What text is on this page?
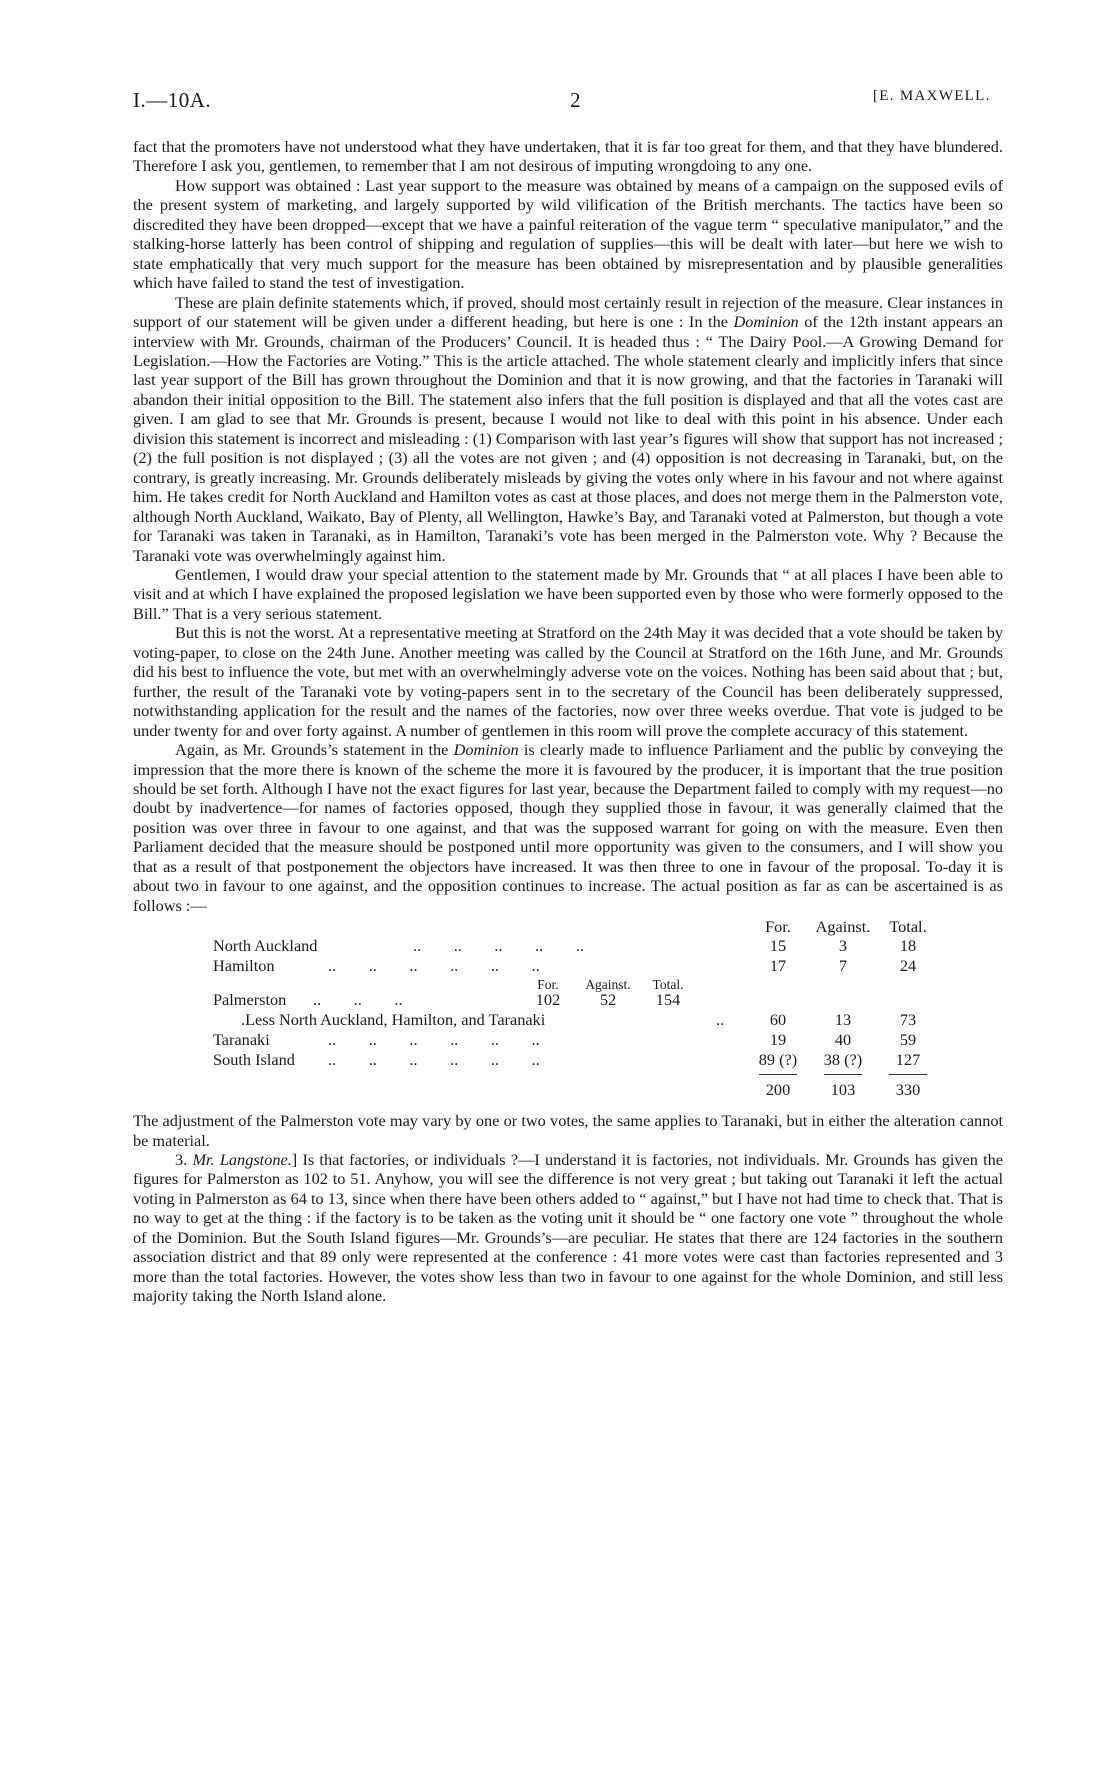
I.—10A.	2	[E. MAXWELL.

fact that the promoters have not understood what they have undertaken, that it is far too great for them, and that they have blundered. Therefore I ask you, gentlemen, to remember that I am not desirous of imputing wrongdoing to any one.

How support was obtained : Last year support to the measure was obtained by means of a campaign on the supposed evils of the present system of marketing, and largely supported by wild vilification of the British merchants. The tactics have been so discredited they have been dropped—except that we have a painful reiteration of the vague term “ speculative manipulator,” and the stalking-horse latterly has been control of shipping and regulation of supplies—this will be dealt with later—but here we wish to state emphatically that very much support for the measure has been obtained by misrepresentation and by plausible generalities which have failed to stand the test of investigation.

These are plain definite statements which, if proved, should most certainly result in rejection of the measure. Clear instances in support of our statement will be given under a different heading, but here is one : In the Dominion of the 12th instant appears an interview with Mr. Grounds, chairman of the Producers’ Council. It is headed thus : “ The Dairy Pool.—A Growing Demand for Legislation.—How the Factories are Voting.” This is the article attached. The whole statement clearly and implicitly infers that since last year support of the Bill has grown throughout the Dominion and that it is now growing, and that the factories in Taranaki will abandon their initial opposition to the Bill. The statement also infers that the full position is displayed and that all the votes cast are given. I am glad to see that Mr. Grounds is present, because I would not like to deal with this point in his absence. Under each division this statement is incorrect and misleading : (1) Comparison with last year’s figures will show that support has not increased ; (2) the full position is not displayed ; (3) all the votes are not given ; and (4) opposition is not decreasing in Taranaki, but, on the contrary, is greatly increasing. Mr. Grounds deliberately misleads by giving the votes only where in his favour and not where against him. He takes credit for North Auckland and Hamilton votes as cast at those places, and does not merge them in the Palmerston vote, although North Auckland, Waikato, Bay of Plenty, all Wellington, Hawke’s Bay, and Taranaki voted at Palmerston, but though a vote for Taranaki was taken in Taranaki, as in Hamilton, Taranaki’s vote has been merged in the Palmerston vote. Why ? Because the Taranaki vote was overwhelmingly against him.

Gentlemen, I would draw your special attention to the statement made by Mr. Grounds that “ at all places I have been able to visit and at which I have explained the proposed legislation we have been supported even by those who were formerly opposed to the Bill.” That is a very serious statement.

But this is not the worst. At a representative meeting at Stratford on the 24th May it was decided that a vote should be taken by voting-paper, to close on the 24th June. Another meeting was called by the Council at Stratford on the 16th June, and Mr. Grounds did his best to influence the vote, but met with an overwhelmingly adverse vote on the voices. Nothing has been said about that ; but, further, the result of the Taranaki vote by voting-papers sent in to the secretary of the Council has been deliberately suppressed, notwithstanding application for the result and the names of the factories, now over three weeks overdue. That vote is judged to be under twenty for and over forty against. A number of gentlemen in this room will prove the complete accuracy of this statement.

Again, as Mr. Grounds’s statement in the Dominion is clearly made to influence Parliament and the public by conveying the impression that the more there is known of the scheme the more it is favoured by the producer, it is important that the true position should be set forth. Although I have not the exact figures for last year, because the Department failed to comply with my request—no doubt by inadvertence—for names of factories opposed, though they supplied those in favour, it was generally claimed that the position was over three in favour to one against, and that was the supposed warrant for going on with the measure. Even then Parliament decided that the measure should be postponed until more opportunity was given to the consumers, and I will show you that as a result of that postponement the objectors have increased. It was then three to one in favour of the proposal. To-day it is about two in favour to one against, and the opposition continues to increase. The actual position as far as can be ascertained is as follows :—

For.	Against.	Total.
North Auckland	..        ..        ..        ..        ..	15	3	18
Hamilton	..        ..        ..        ..        ..        ..	17	7	24
For.	Against.	Total.
Palmerston ..        ..        ..	102	52	154
.Less North Auckland, Hamilton, and Taranaki	..	60	13	73
Taranaki	..        ..        ..        ..        ..        ..	19	40	59
South Island ..        ..        ..        ..        ..        ..	89 (?)	38 (?)	127
200	103	330

The adjustment of the Palmerston vote may vary by one or two votes, the same applies to Taranaki, but in either the alteration cannot be material.

3. Mr. Langstone.] Is that factories, or individuals ?—I understand it is factories, not individuals. Mr. Grounds has given the figures for Palmerston as 102 to 51. Anyhow, you will see the difference is not very great ; but taking out Taranaki it left the actual voting in Palmerston as 64 to 13, since when there have been others added to “ against,” but I have not had time to check that. That is no way to get at the thing : if the factory is to be taken as the voting unit it should be “ one factory one vote ” throughout the whole of the Dominion. But the South Island figures—Mr. Grounds’s—are peculiar. He states that there are 124 factories in the southern association district and that 89 only were represented at the conference : 41 more votes were cast than factories represented and 3 more than the total factories. However, the votes show less than two in favour to one against for the whole Dominion, and still less majority taking the North Island alone.
